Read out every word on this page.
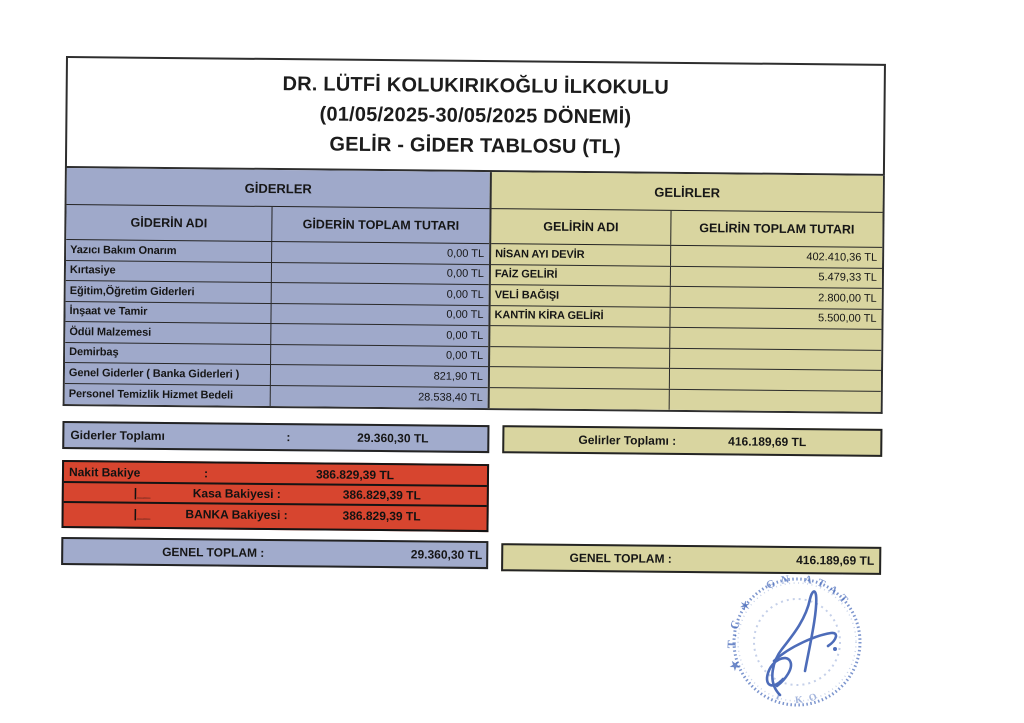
DR. LÜTFİ KOLUKIRIKOĞLU İLKOKULU
(01/05/2025-30/05/2025 DÖNEMİ)
GELİR - GİDER TABLOSU (TL)
GİDERLER
GİDERİN ADI	GİDERİN TOPLAM TUTARI
Yazıcı Bakım Onarım	0,00 TL
Kırtasiye	0,00 TL
Eğitim,Öğretim Giderleri	0,00 TL
İnşaat ve Tamir	0,00 TL
Ödül Malzemesi	0,00 TL
Demirbaş	0,00 TL
Genel Giderler ( Banka Giderleri )	821,90 TL
Personel Temizlik Hizmet Bedeli	28.538,40 TL
GELİRLER
GELİRİN ADI	GELİRİN TOPLAM TUTARI
NİSAN AYI DEVİR	402.410,36 TL
FAİZ GELİRİ	5.479,33 TL
VELİ BAĞIŞI	2.800,00 TL
KANTİN KİRA GELİRİ	5.500,00 TL
Giderler Toplamı	:	29.360,30 TL	Gelirler Toplamı :	416.189,69 TL
Nakit Bakiye	:	386.829,39 TL
|__	Kasa Bakiyesi :	386.829,39 TL
|__	BANKA Bakiyesi :	386.829,39 TL
GENEL TOPLAM :	29.360,30 TL	GENEL TOPLAM :	416.189,69 TL
GN ATAT
★ T.C ✶
I KO
